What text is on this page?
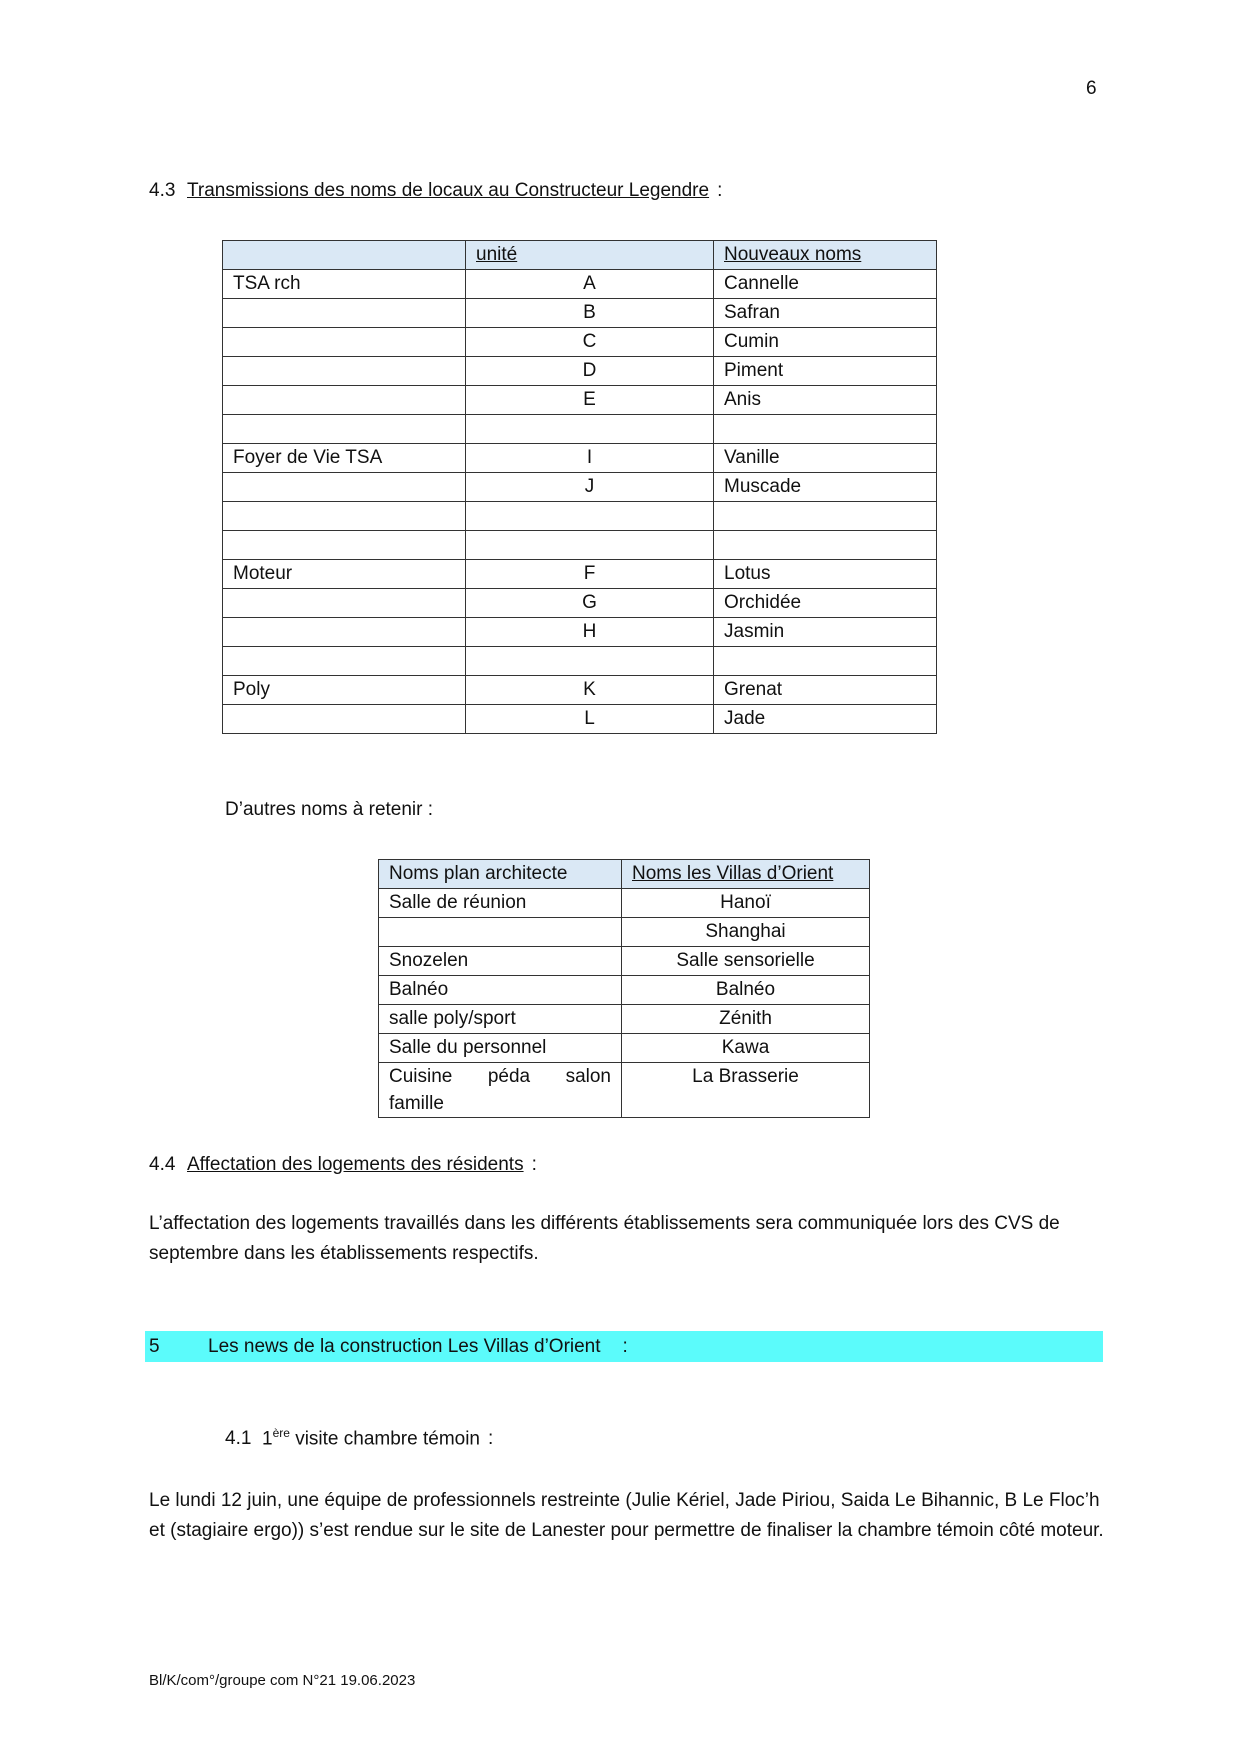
6
4.3 Transmissions des noms de locaux au Constructeur Legendre :
	unité	Nouveaux noms
TSA rch	A	Cannelle
	B	Safran
	C	Cumin
	D	Piment
	E	Anis

Foyer de Vie TSA	I	Vanille
	J	Muscade

Moteur	F	Lotus
	G	Orchidée
	H	Jasmin

Poly	K	Grenat
	L	Jade
D’autres noms à retenir :
Noms plan architecte	Noms les Villas d’Orient
Salle de réunion	Hanoï
	Shanghai
Snozelen	Salle sensorielle
Balnéo	Balnéo
salle poly/sport	Zénith
Salle du personnel	Kawa

Cuisine péda salon
famille	La Brasserie
4.4 Affectation des logements des résidents :
L’affectation des logements travaillés dans les différents établissements sera communiquée lors des CVS de septembre dans les établissements respectifs.
5	Les news de la construction Les Villas d’Orient :
4.1 1ère visite chambre témoin :
Le lundi 12 juin, une équipe de professionnels restreinte (Julie Kériel, Jade Piriou, Saida Le Bihannic, B Le Floc’h et (stagiaire ergo)) s’est rendue sur le site de Lanester pour permettre de finaliser la chambre témoin côté moteur.
Bl/K/com°/groupe com N°21 19.06.2023
